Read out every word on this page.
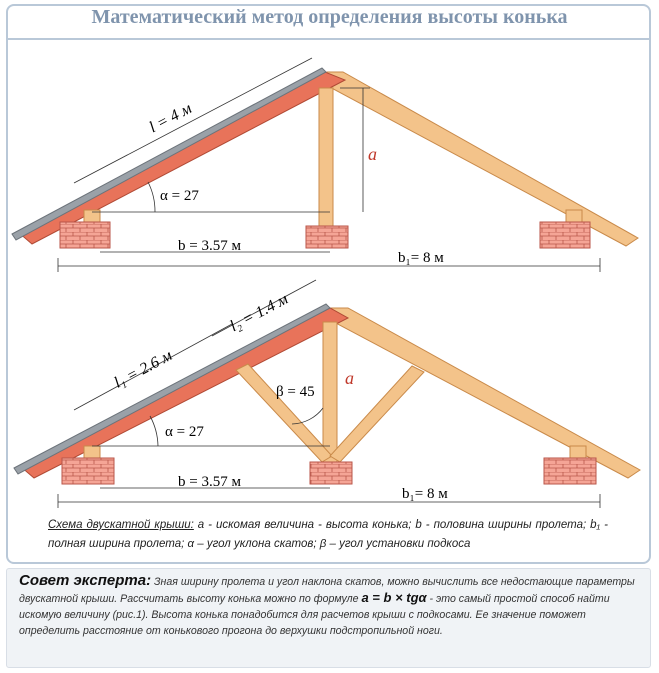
Математический метод определения высоты конька
l = 4 м
α = 27
a
b = 3.57 м
b₁= 8 м
l₁ = 2.6 м
l₂ = 1.4 м
α = 27
β = 45
a
b = 3.57 м
b₁= 8 м
Схема двускатной крыши: a - искомая величина - высота конька; b - половина ширины пролета; b₁ - полная ширина пролета; α – угол уклона скатов; β – угол установки подкоса
Совет эксперта: Зная ширину пролета и угол наклона скатов, можно вычислить все недостающие параметры двускатной крыши. Рассчитать высоту конька можно по формуле a = b × tgα - это самый простой способ найти искомую величину (рис.1). Высота конька понадобится для расчетов крыши с подкосами. Ее значение поможет определить расстояние от конькового прогона до верхушки подстропильной ноги.
